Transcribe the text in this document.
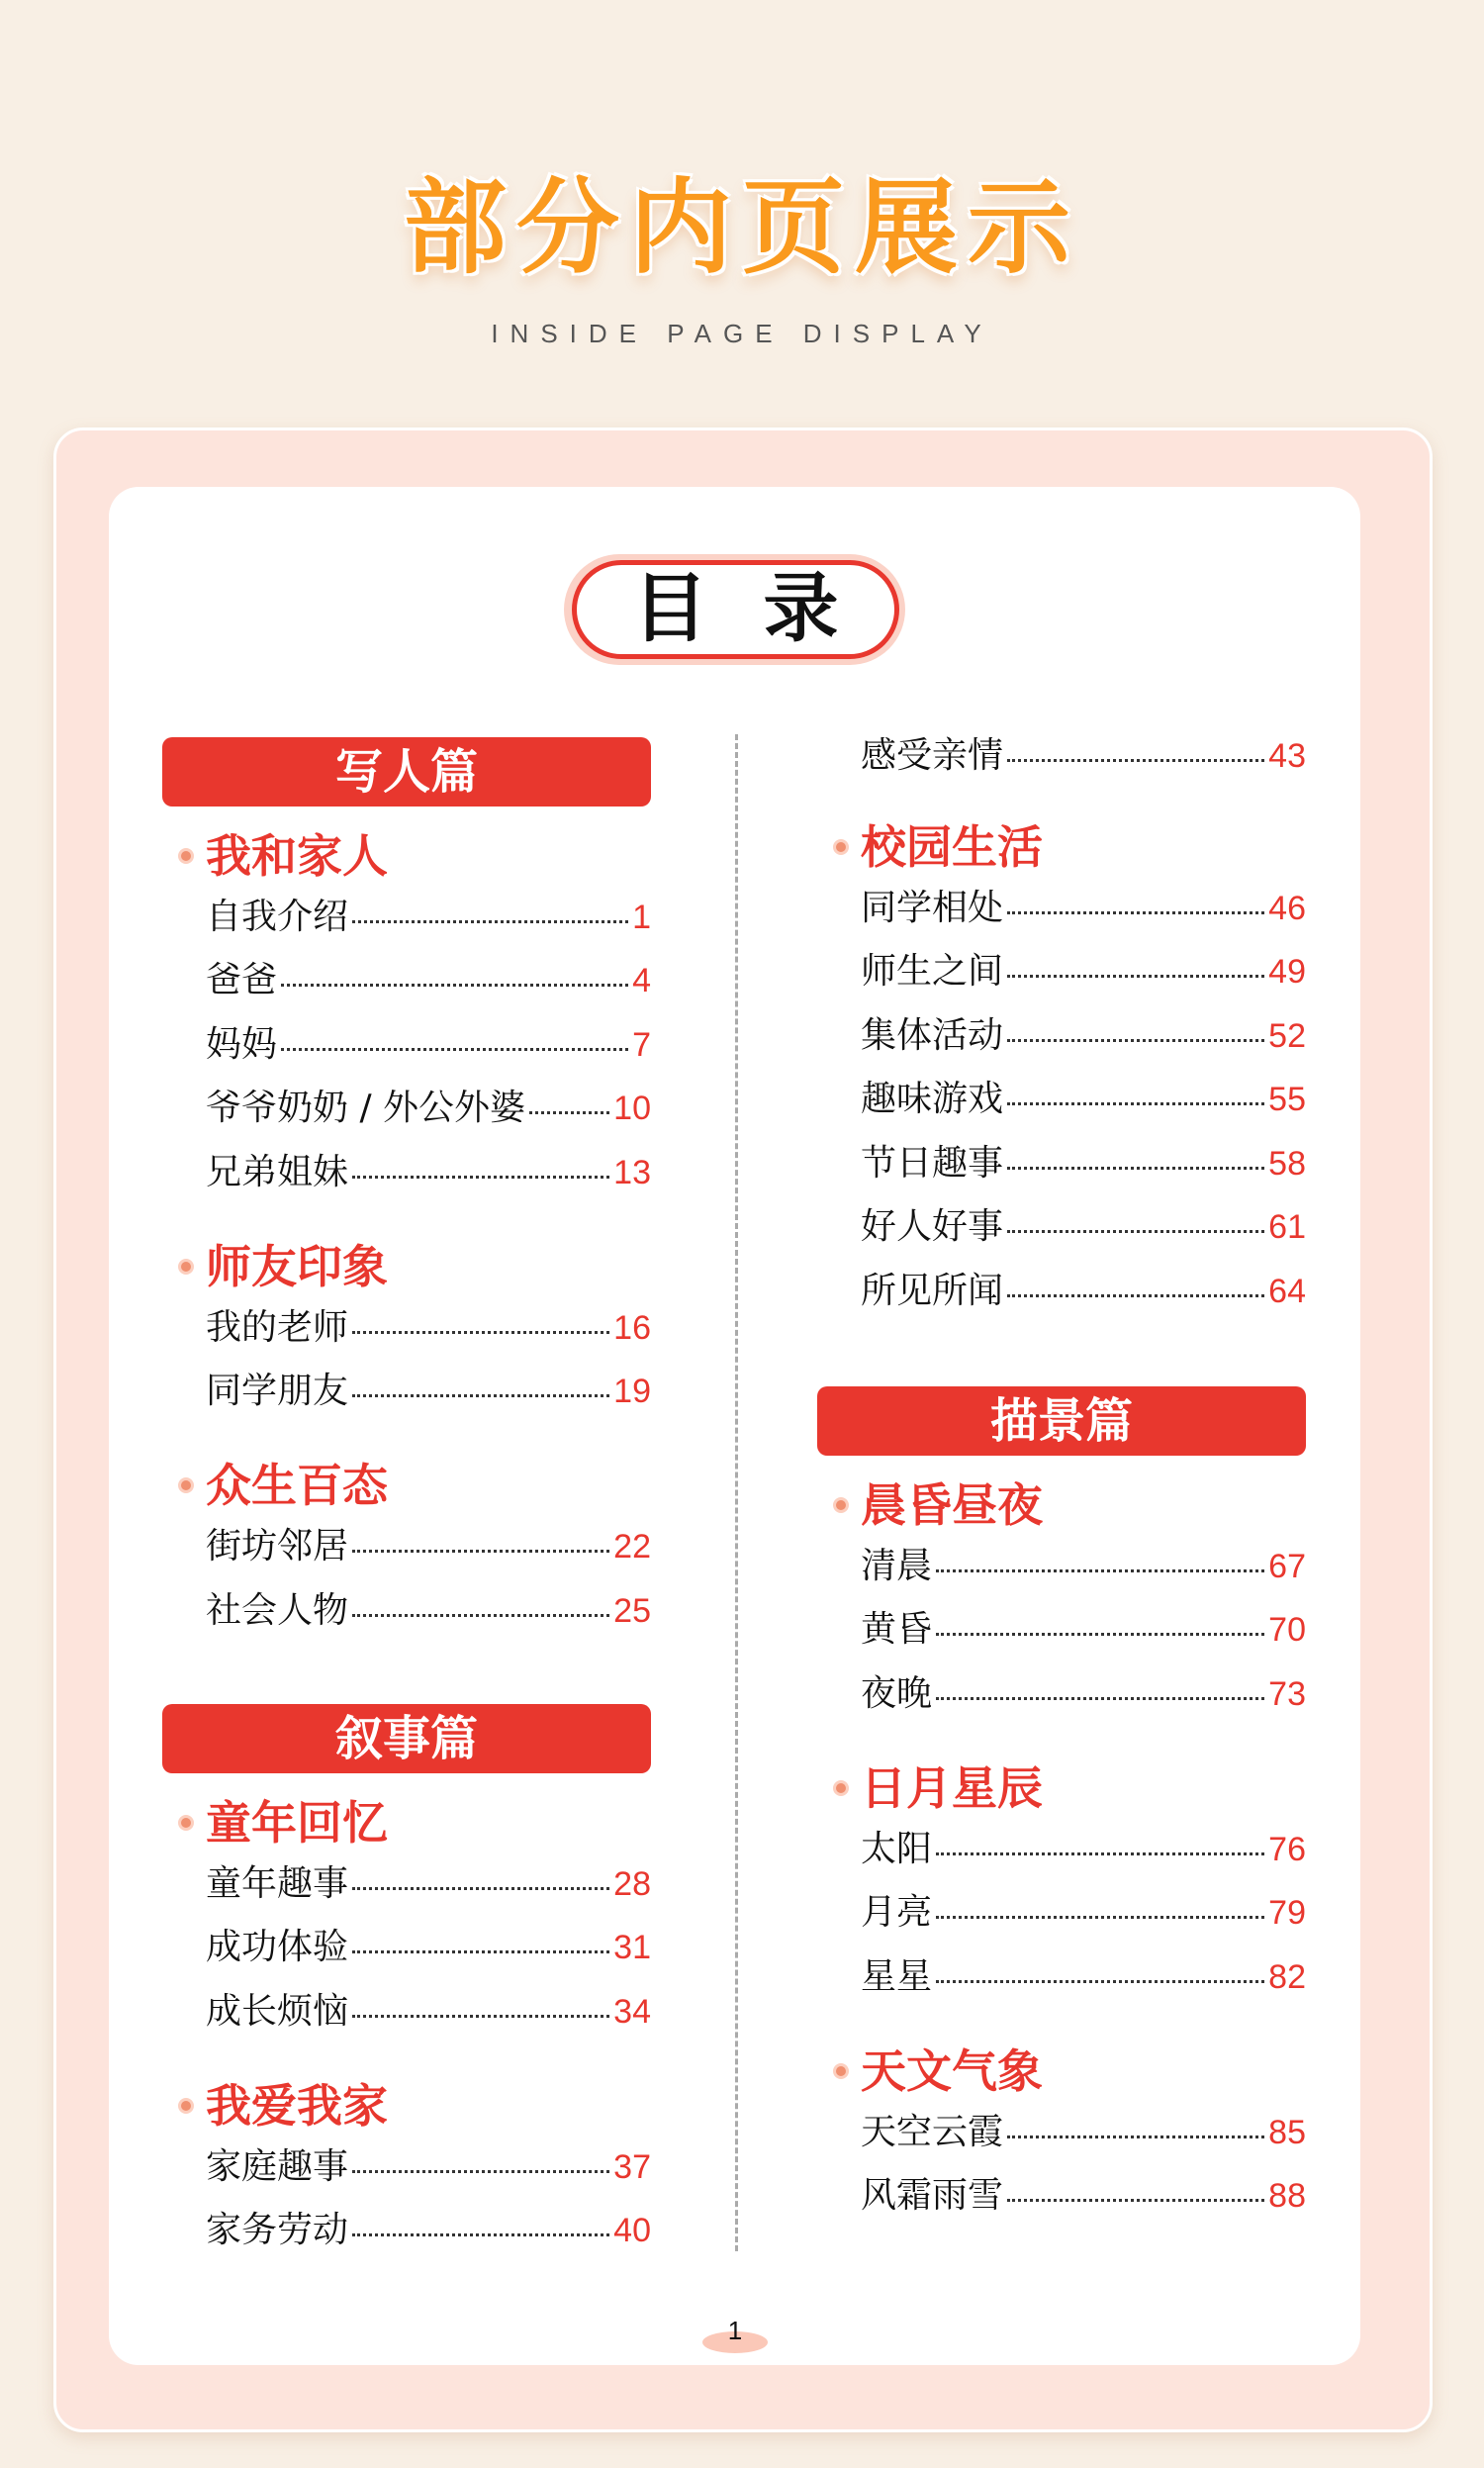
部分内页展示
INSIDE PAGE DISPLAY
目录
写人篇
我和家人
自我介绍	1
爸爸	4
妈妈	7
爷爷奶奶 / 外公外婆	10
兄弟姐妹	13
师友印象
我的老师	16
同学朋友	19
众生百态
街坊邻居	22
社会人物	25
叙事篇
童年回忆
童年趣事	28
成功体验	31
成长烦恼	34
我爱我家
家庭趣事	37
家务劳动	40
感受亲情	43
校园生活
同学相处	46
师生之间	49
集体活动	52
趣味游戏	55
节日趣事	58
好人好事	61
所见所闻	64
描景篇
晨昏昼夜
清晨	67
黄昏	70
夜晚	73
日月星辰
太阳	76
月亮	79
星星	82
天文气象
天空云霞	85
风霜雨雪	88
1
